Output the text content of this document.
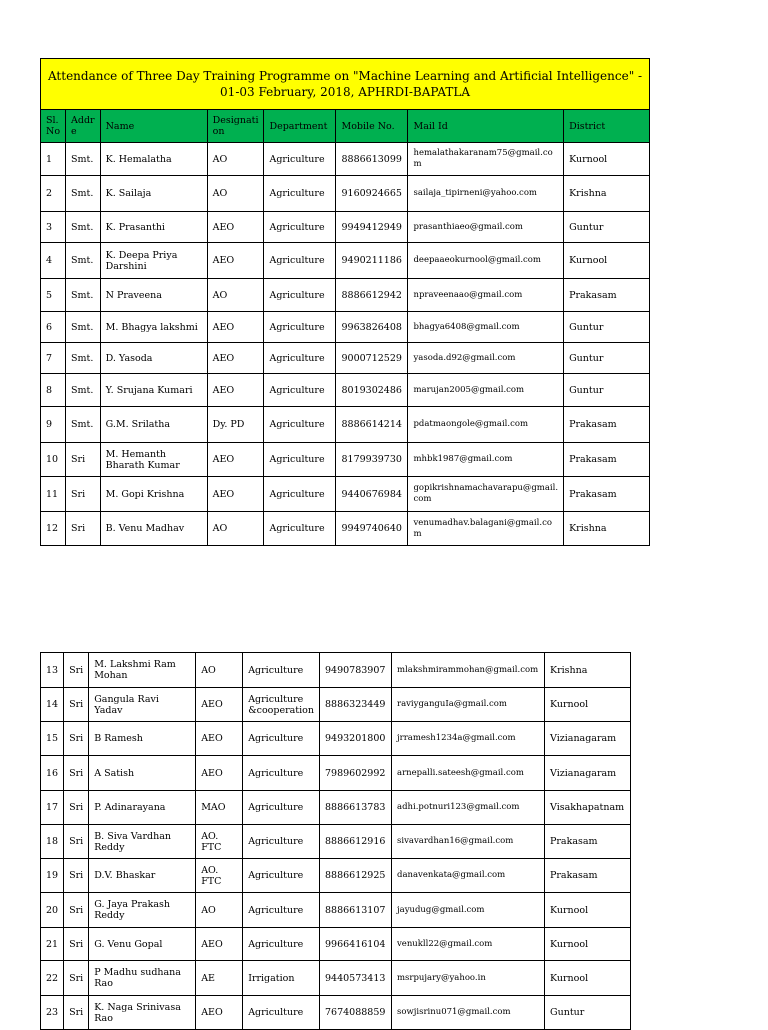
Attendance of Three Day Training Programme on "Machine Learning and Artificial Intelligence" - 01-03 February, 2018, APHRDI-BAPATLA							
Sl. No	Addr e	Name	Designati on	Department	Mobile No.	Mail Id	District
1	Smt.	K. Hemalatha	AO	Agriculture	8886613099	hemalathakaranam75@gmail.co m	Kurnool
2	Smt.	K. Sailaja	AO	Agriculture	9160924665	sailaja_tipirneni@yahoo.com	Krishna
3	Smt.	K. Prasanthi	AEO	Agriculture	9949412949	prasanthiaeo@gmail.com	Guntur
4	Smt.	K. Deepa Priya Darshini	AEO	Agriculture	9490211186	deepaaeokurnool@gmail.com	Kurnool
5	Smt.	N Praveena	AO	Agriculture	8886612942	npraveenaao@gmail.com	Prakasam
6	Smt.	M. Bhagya lakshmi	AEO	Agriculture	9963826408	bhagya6408@gmail.com	Guntur
7	Smt.	D. Yasoda	AEO	Agriculture	9000712529	yasoda.d92@gmail.com	Guntur
8	Smt.	Y. Srujana Kumari	AEO	Agriculture	8019302486	marujan2005@gmail.com	Guntur
9	Smt.	G.M. Srilatha	Dy. PD	Agriculture	8886614214	pdatmaongole@gmail.com	Prakasam
10	Sri	M. Hemanth Bharath Kumar	AEO	Agriculture	8179939730	mhbk1987@gmail.com	Prakasam
11	Sri	M. Gopi Krishna	AEO	Agriculture	9440676984	gopikrishnamachavarapu@gmail. com	Prakasam
12	Sri	B. Venu Madhav	AO	Agriculture	9949740640	venumadhav.balagani@gmail.co m	Krishna
13	Sri	M. Lakshmi Ram Mohan	AO	Agriculture	9490783907	mlakshmirammohan@gmail.com	Krishna
14	Sri	Gangula Ravi Yadav	AEO	Agriculture &cooperation	8886323449	raviyganguIa@gmail.com	Kurnool
15	Sri	B Ramesh	AEO	Agriculture	9493201800	jrramesh1234a@gmail.com	Vizianagaram
16	Sri	A Satish	AEO	Agriculture	7989602992	arnepalli.sateesh@gmail.com	Vizianagaram
17	Sri	P. Adinarayana	MAO	Agriculture	8886613783	adhi.potnuri123@gmail.com	Visakhapatnam
18	Sri	B. Siva Vardhan Reddy	AO. FTC	Agriculture	8886612916	sivavardhan16@gmail.com	Prakasam
19	Sri	D.V. Bhaskar	AO. FTC	Agriculture	8886612925	danavenkata@gmail.com	Prakasam
20	Sri	G. Jaya Prakash Reddy	AO	Agriculture	8886613107	jayudug@gmail.com	Kurnool
21	Sri	G. Venu Gopal	AEO	Agriculture	9966416104	venukll22@gmail.com	Kurnool
22	Sri	P Madhu sudhana Rao	AE	Irrigation	9440573413	msrpujary@yahoo.in	Kurnool
23	Sri	K. Naga Srinivasa Rao	AEO	Agriculture	7674088859	sowjisrinu071@gmail.com	Guntur
